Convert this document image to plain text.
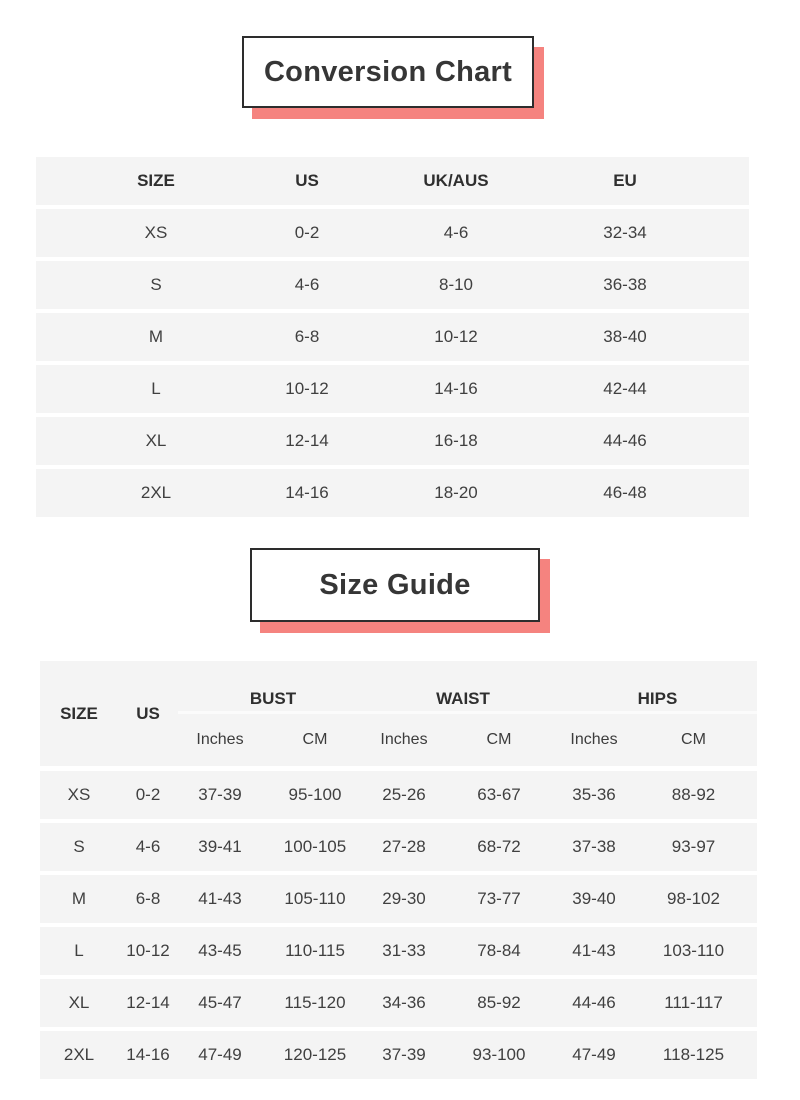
Conversion Chart
SIZE	US	UK/AUS	EU
XS	0-2	4-6	32-34
S	4-6	8-10	36-38
M	6-8	10-12	38-40
L	10-12	14-16	42-44
XL	12-14	16-18	44-46
2XL	14-16	18-20	46-48
Size Guide
SIZE	US
BUST	WAIST	HIPS
Inches	CM	Inches	CM	Inches	CM
XS	0-2	37-39	95-100	25-26	63-67	35-36	88-92
S	4-6	39-41	100-105	27-28	68-72	37-38	93-97
M	6-8	41-43	105-110	29-30	73-77	39-40	98-102
L	10-12	43-45	110-115	31-33	78-84	41-43	103-110
XL	12-14	45-47	115-120	34-36	85-92	44-46	111-117
2XL	14-16	47-49	120-125	37-39	93-100	47-49	118-125
